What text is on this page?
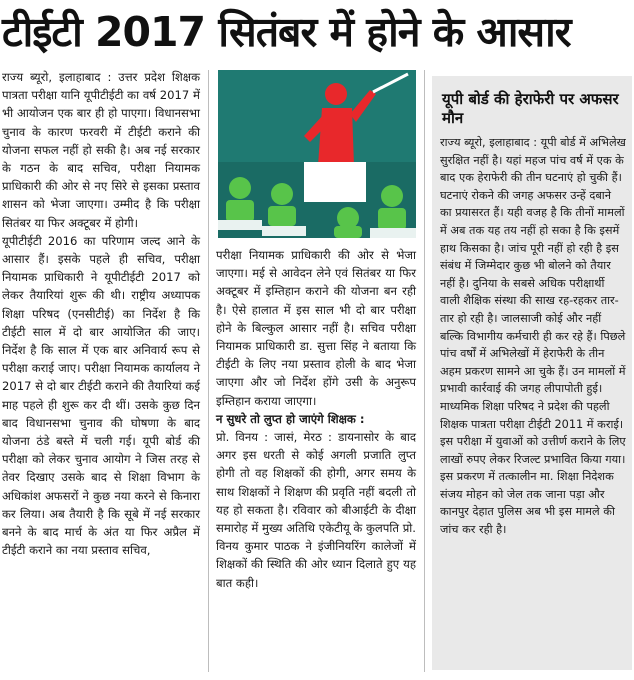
टीईटी 2017 सितंबर में होने के आसार

राज्य ब्यूरो, इलाहाबाद : उत्तर प्रदेश शिक्षक पात्रता परीक्षा यानि यूपीटीईटी का वर्ष 2017 में भी आयोजन एक बार ही हो पाएगा। विधानसभा चुनाव के कारण फरवरी में टीईटी कराने की योजना सफल नहीं हो सकी है। अब नई सरकार के गठन के बाद सचिव, परीक्षा नियामक प्राधिकारी की ओर से नए सिरे से इसका प्रस्ताव शासन को भेजा जाएगा। उम्मीद है कि परीक्षा सितंबर या फिर अक्टूबर में होगी।

यूपीटीईटी 2016 का परिणाम जल्द आने के आसार हैं। इसके पहले ही सचिव, परीक्षा नियामक प्राधिकारी ने यूपीटीईटी 2017 को लेकर तैयारियां शुरू की थी। राष्ट्रीय अध्यापक शिक्षा परिषद (एनसीटीई) का निर्देश है कि टीईटी साल में दो बार आयोजित की जाए। निर्देश है कि साल में एक बार अनिवार्य रूप से परीक्षा कराई जाए। परीक्षा नियामक कार्यालय ने 2017 से दो बार टीईटी कराने की तैयारियां कई माह पहले ही शुरू कर दी थीं। उसके कुछ दिन बाद विधानसभा चुनाव की घोषणा के बाद योजना ठंडे बस्ते में चली गई। यूपी बोर्ड की परीक्षा को लेकर चुनाव आयोग ने जिस तरह से तेवर दिखाए उसके बाद से शिक्षा विभाग के अधिकांश अफसरों ने कुछ नया करने से किनारा कर लिया। अब तैयारी है कि सूबे में नई सरकार बनने के बाद मार्च के अंत या फिर अप्रैल में टीईटी कराने का नया प्रस्ताव सचिव,

परीक्षा नियामक प्राधिकारी की ओर से भेजा जाएगा। मई से आवेदन लेने एवं सितंबर या फिर अक्टूबर में इम्तिहान कराने की योजना बन रही है। ऐसे हालात में इस साल भी दो बार परीक्षा होने के बिल्कुल आसार नहीं है। सचिव परीक्षा नियामक प्राधिकारी डा. सुत्ता सिंह ने बताया कि टीईटी के लिए नया प्रस्ताव होली के बाद भेजा जाएगा और जो निर्देश होंगे उसी के अनुरूप इम्तिहान कराया जाएगा।

न सुधरे तो लुप्त हो जाएंगे शिक्षक :

प्रो. विनय : जासं, मेरठ : डायनासोर के बाद अगर इस धरती से कोई अगली प्रजाति लुप्त होगी तो वह शिक्षकों की होगी, अगर समय के साथ शिक्षकों ने शिक्षण की प्रवृति नहीं बदली तो यह हो सकता है। रविवार को बीआईटी के दीक्षा समारोह में मुख्य अतिथि एकेटीयू के कुलपति प्रो. विनय कुमार पाठक ने इंजीनियरिंग कालेजों में शिक्षकों की स्थिति की ओर ध्यान दिलाते हुए यह बात कही।

यूपी बोर्ड की हेराफेरी पर अफसर मौन
राज्य ब्यूरो, इलाहाबाद : यूपी बोर्ड में अभिलेख सुरक्षित नहीं है। यहां महज पांच वर्ष में एक के बाद एक हेराफेरी की तीन घटनाएं हो चुकी हैं। घटनाएं रोकने की जगह अफसर उन्हें दबाने का प्रयासरत हैं। यही वजह है कि तीनों मामलों में अब तक यह तय नहीं हो सका है कि इसमें हाथ किसका है। जांच पूरी नहीं हो रही है इस संबंध में जिम्मेदार कुछ भी बोलने को तैयार नहीं है। दुनिया के सबसे अधिक परीक्षार्थी वाली शैक्षिक संस्था की साख रह-रहकर तार-तार हो रही है। जालसाजी कोई और नहीं बल्कि विभागीय कर्मचारी ही कर रहे हैं। पिछले पांच वर्षों में अभिलेखों में हेराफेरी के तीन अहम प्रकरण सामने आ चुके हैं। उन मामलों में प्रभावी कार्रवाई की जगह लीपापोती हुई। माध्यमिक शिक्षा परिषद ने प्रदेश की पहली शिक्षक पात्रता परीक्षा टीईटी 2011 में कराई। इस परीक्षा में युवाओं को उत्तीर्ण कराने के लिए लाखों रुपए लेकर रिजल्ट प्रभावित किया गया। इस प्रकरण में तत्कालीन मा. शिक्षा निदेशक संजय मोहन को जेल तक जाना पड़ा और कानपुर देहात पुलिस अब भी इस मामले की जांच कर रही है।
